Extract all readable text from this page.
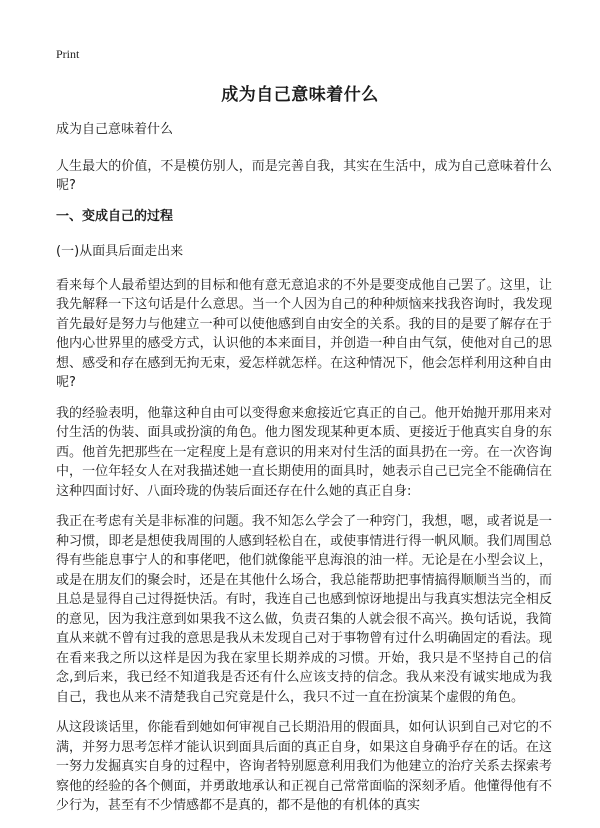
Print
成为自己意味着什么

成为自己意味着什么

人生最大的价值，不是模仿别人，而是完善自我，其实在生活中，成为自己意味着什么呢?

一、变成自己的过程

(一)从面具后面走出来

看来每个人最希望达到的目标和他有意无意追求的不外是要变成他自己罢了。这里，让我先解释一下这句话是什么意思。当一个人因为自己的种种烦恼来找我咨询时，我发现首先最好是努力与他建立一种可以使他感到自由安全的关系。我的目的是要了解存在于他内心世界里的感受方式，认识他的本来面目，并创造一种自由气氛，使他对自己的思想、感受和存在感到无拘无束，爱怎样就怎样。在这种情况下，他会怎样利用这种自由呢?

我的经验表明，他靠这种自由可以变得愈来愈接近它真正的自己。他开始抛开那用来对付生活的伪装、面具或扮演的角色。他力图发现某种更本质、更接近于他真实自身的东西。他首先把那些在一定程度上是有意识的用来对付生活的面具扔在一旁。在一次咨询中，一位年轻女人在对我描述她一直长期使用的面具时，她表示自己已完全不能确信在这种四面讨好、八面玲珑的伪装后面还存在什么她的真正自身:

我正在考虑有关是非标准的问题。我不知怎么学会了一种窍门，我想，嗯，或者说是一种习惯，即老是想使我周围的人感到轻松自在，或使事情进行得一帆风顺。我们周围总得有些能息事宁人的和事佬吧，他们就像能平息海浪的油一样。无论是在小型会议上，或是在朋友们的聚会时，还是在其他什么场合，我总能帮助把事情搞得顺顺当当的，而且总是显得自己过得挺快活。有时，我连自己也感到惊讶地提出与我真实想法完全相反的意见，因为我注意到如果我不这么做，负责召集的人就会很不高兴。换句话说，我简直从来就不曾有过我的意思是我从未发现自己对于事物曾有过什么明确固定的看法。现在看来我之所以这样是因为我在家里长期养成的习惯。开始，我只是不坚持自己的信念,到后来，我已经不知道我是否还有什么应该支持的信念。我从来没有诚实地成为我自己，我也从来不清楚我自己究竟是什么，我只不过一直在扮演某个虚假的角色。

从这段谈话里，你能看到她如何审视自己长期沿用的假面具，如何认识到自己对它的不满，并努力思考怎样才能认识到面具后面的真正自身，如果这自身确乎存在的话。在这一努力发掘真实自身的过程中，咨询者特别愿意利用我们为他建立的治疗关系去探索考察他的经验的各个侧面，并勇敢地承认和正视自己常常面临的深刻矛盾。他懂得他有不少行为，甚至有不少情感都不是真的，都不是他的有机体的真实
